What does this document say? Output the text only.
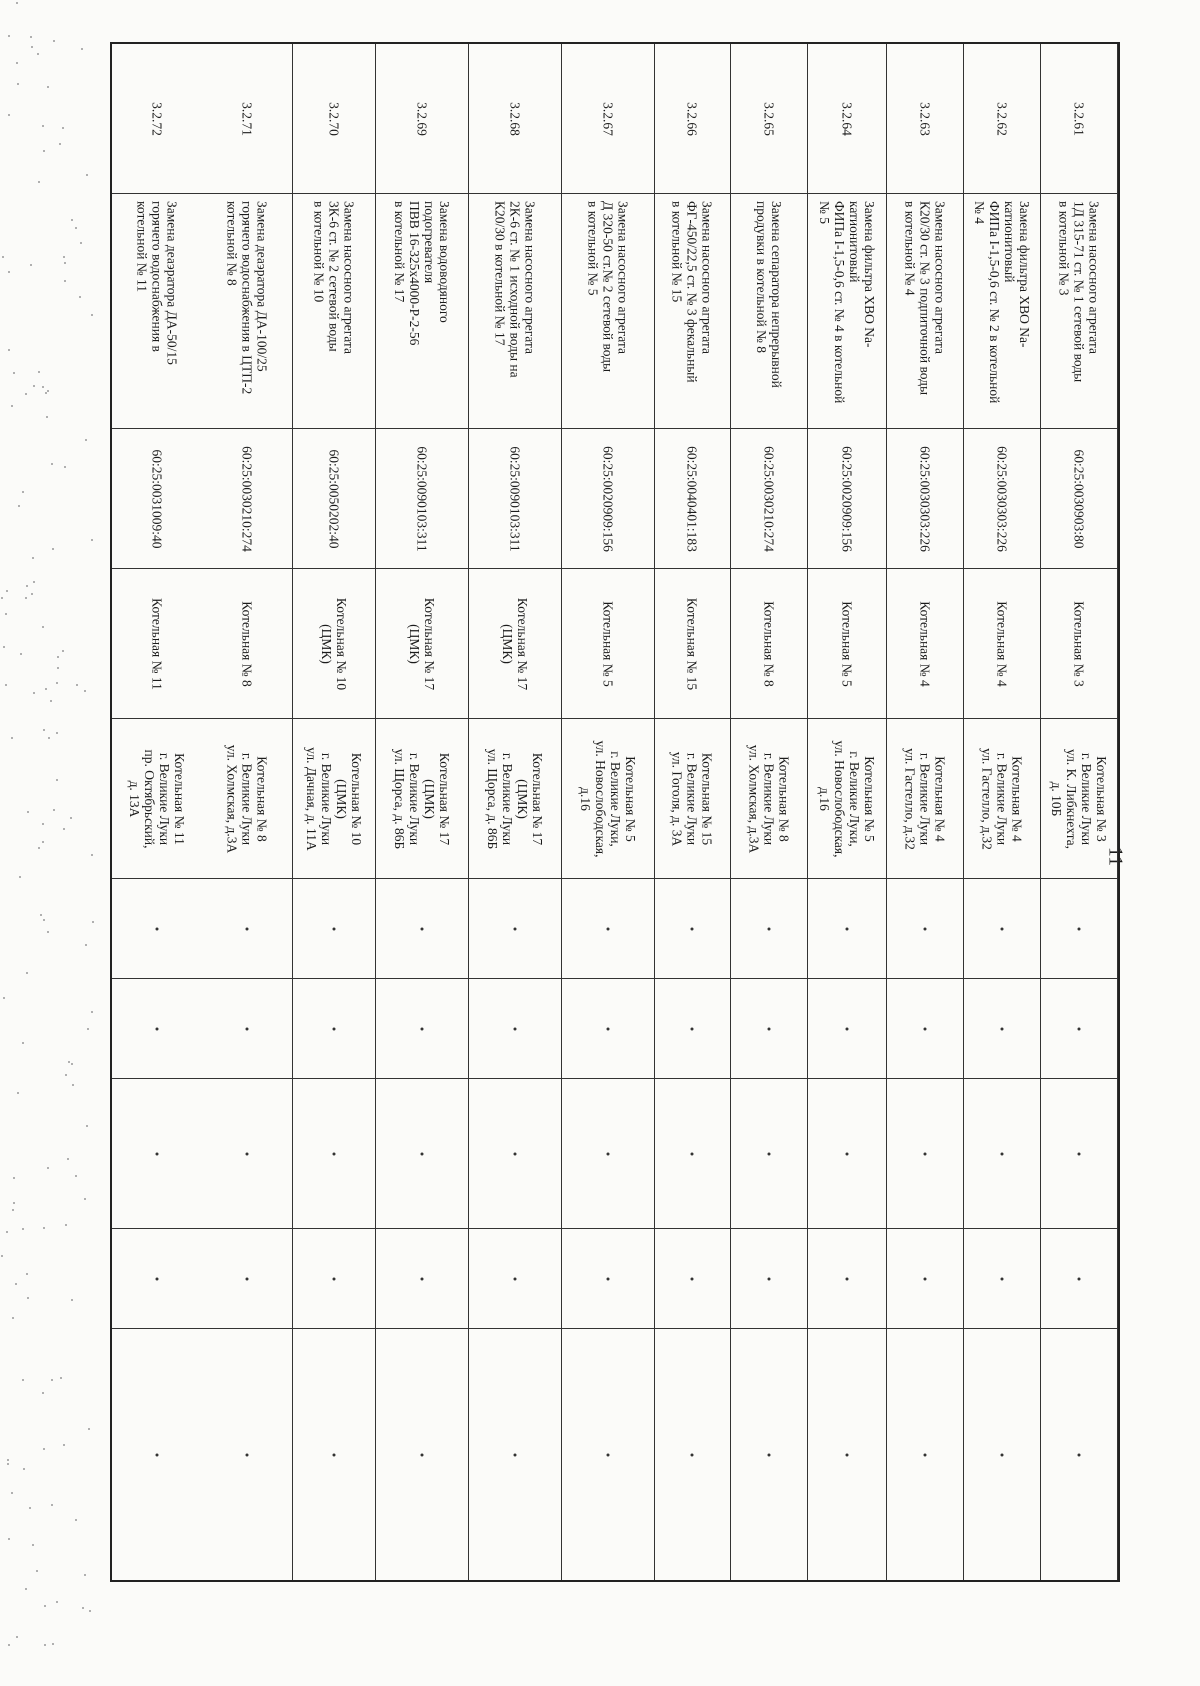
11
3.2.61
Замена насосного агрегата
1Д 315-71 ст. № 1 сетевой воды
в котельной № 3
60:25:0030903:80
Котельная № 3
Котельная № 3
г. Великие Луки
ул. К. Либкнехта,
д. 10Б
3.2.62
Замена фильтра ХВО Na-
катионитовый
ФИПа I-1,5-0,6 ст. № 2 в котельной
№ 4
60:25:0030303:226
Котельная № 4
Котельная № 4
г. Великие Луки
ул. Гастелло, д.32
3.2.63
Замена насосного агрегата
К20/30 ст. № 3 подпиточной воды
в котельной № 4
60:25:0030303:226
Котельная № 4
Котельная № 4
г. Великие Луки
ул. Гастелло, д.32
3.2.64
Замена фильтра ХВО Na-
катионитовый
ФИПа I-1,5-0,6 ст. № 4 в котельной
№ 5
60:25:0020909:156
Котельная № 5
Котельная № 5
г. Великие Луки,
ул. Новослободская,
д.16
3.2.65
Замена сепаратора непрерывной
продувки в котельной № 8
60:25:0030210:274
Котельная № 8
Котельная № 8
г. Великие Луки
ул. Холмская, д.3А
3.2.66
Замена насосного агрегата
ФГ-450/22,5 ст. № 3 фекальный
в котельной № 15
60:25:0040401:183
Котельная № 15
Котельная № 15
г. Великие Луки
ул. Гоголя, д. 3А
3.2.67
Замена насосного агрегата
Д 320-50 ст.№ 2 сетевой воды
в котельной № 5
60:25:0020909:156
Котельная № 5
Котельная № 5
г. Великие Луки,
ул. Новослободская,
д.16
3.2.68
Замена насосного агрегата
2К-6 ст. № 1 исходной воды на
К20/30 в котельной № 17
60:25:0090103:311
Котельная № 17
(ЦМК)
Котельная № 17
(ЦМК)
г. Великие Луки
ул. Щорса, д. 86Б
3.2.69
Замена водоводяного
подогревателя
ПВВ 16-325х4000-Р-2-56
в котельной № 17
60:25:0090103:311
Котельная № 17
(ЦМК)
Котельная № 17
(ЦМК)
г. Великие Луки
ул. Щорса, д. 86Б
3.2.70
Замена насосного агрегата
3К-6 ст. № 2 сетевой воды
в котельной № 10
60:25:0050202:40
Котельная № 10
(ЦМК)
Котельная № 10
(ЦМК)
г. Великие Луки
ул. Дачная, д. 11А
3.2.71
Замена деаэратора ДА-100/25
горячего водоснабжения в ЦТП-2
котельной № 8
60:25:0030210:274
Котельная № 8
Котельная № 8
г. Великие Луки
ул. Холмская, д.3А
3.2.72
Замена деаэратора ДА-50/15
горячего водоснабжения в
котельной № 11
60:25:0031009:40
Котельная № 11
Котельная № 11
г. Великие Луки
пр. Октябрьский,
д. 13А
